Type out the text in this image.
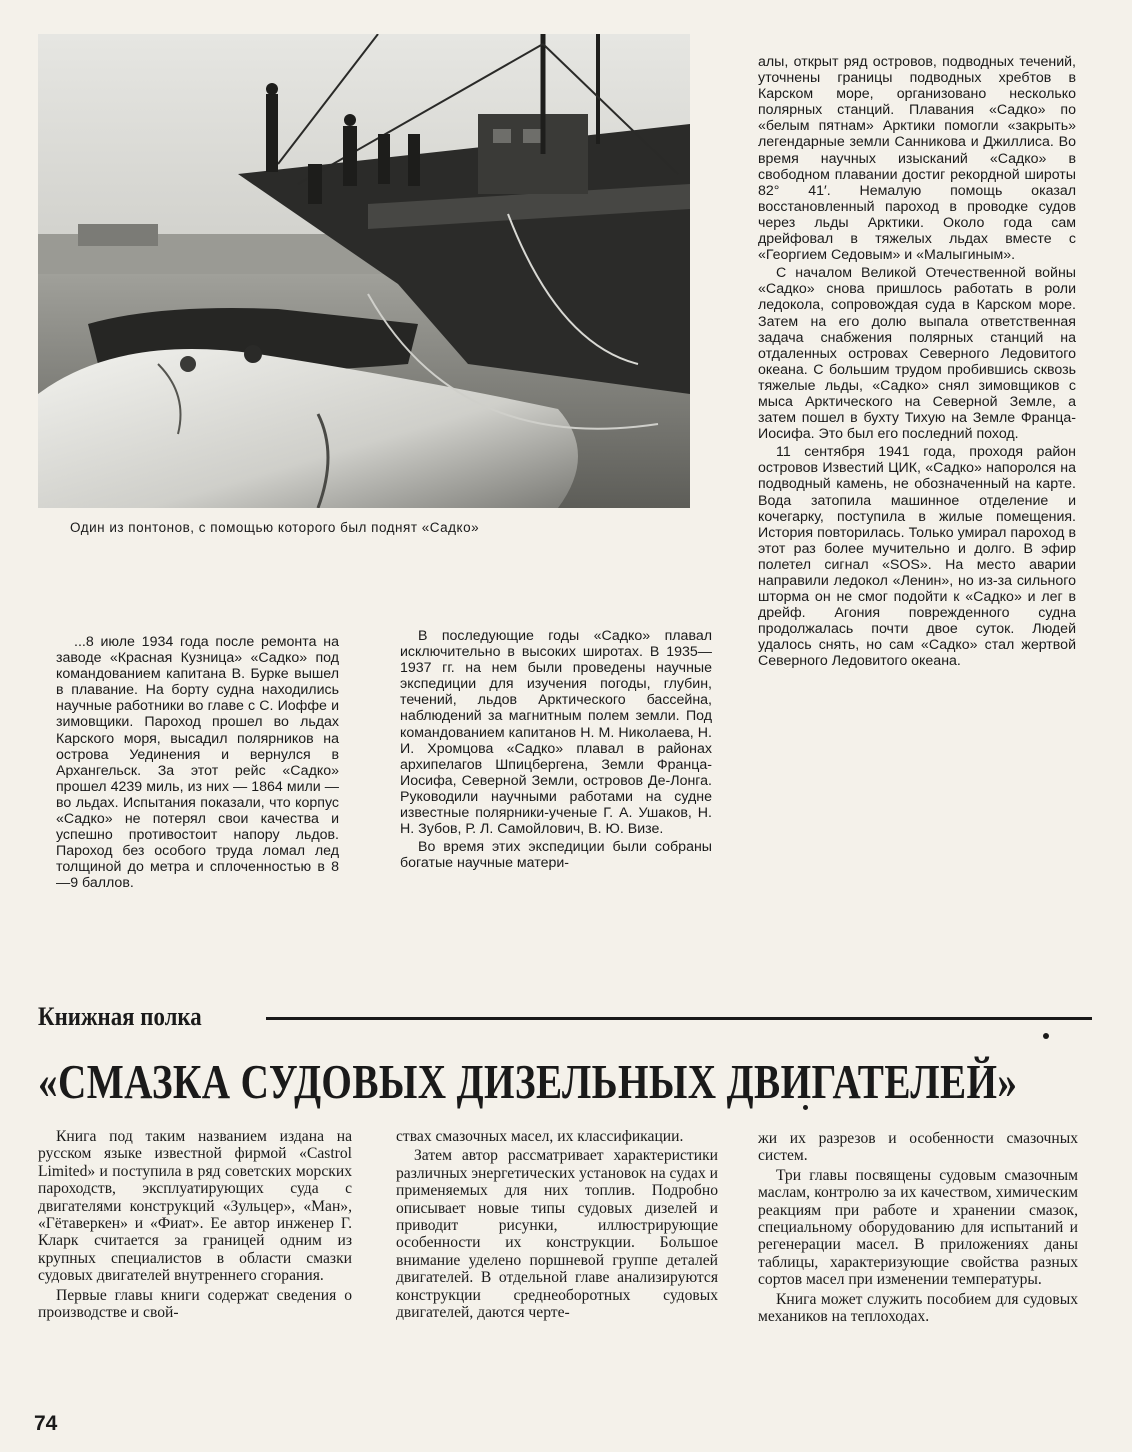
Один из понтонов, с помощью которого был поднят «Садко»

...8 июле 1934 года после ремонта на заводе «Красная Кузница» «Садко» под командованием капитана В. Бурке вышел в плавание. На борту судна находились научные работники во главе с С. Иоффе и зимовщики. Пароход прошел во льдах Карского моря, высадил полярников на острова Уединения и вернулся в Архангельск. За этот рейс «Садко» прошел 4239 миль, из них — 1864 мили — во льдах. Испытания показали, что корпус «Садко» не потерял свои качества и успешно противостоит напору льдов. Пароход без особого труда ломал лед толщиной до метра и сплоченностью в 8—9 баллов.

В последующие годы «Садко» плавал исключительно в высоких широтах. В 1935—1937 гг. на нем были проведены научные экспедиции для изучения погоды, глубин, течений, льдов Арктического бассейна, наблюдений за магнитным полем земли. Под командованием капитанов Н. М. Николаева, Н. И. Хромцова «Садко» плавал в районах архипелагов Шпицбергена, Земли Франца-Иосифа, Северной Земли, островов Де-Лонга. Руководили научными работами на судне известные полярники-ученые Г. А. Ушаков, Н. Н. Зубов, Р. Л. Самойлович, В. Ю. Визе.

Во время этих экспедиции были собраны богатые научные матери-

алы, открыт ряд островов, подводных течений, уточнены границы подводных хребтов в Карском море, организовано несколько полярных станций. Плавания «Садко» по «белым пятнам» Арктики помогли «закрыть» легендарные земли Санникова и Джиллиса. Во время научных изысканий «Садко» в свободном плавании достиг рекордной широты 82° 41′. Немалую помощь оказал восстановленный пароход в проводке судов через льды Арктики. Около года сам дрейфовал в тяжелых льдах вместе с «Георгием Седовым» и «Малыгиным».

С началом Великой Отечественной войны «Садко» снова пришлось работать в роли ледокола, сопровождая суда в Карском море. Затем на его долю выпала ответственная задача снабжения полярных станций на отдаленных островах Северного Ледовитого океана. С большим трудом пробившись сквозь тяжелые льды, «Садко» снял зимовщиков с мыса Арктического на Северной Земле, а затем пошел в бухту Тихую на Земле Франца-Иосифа. Это был его последний поход.

11 сентября 1941 года, проходя район островов Известий ЦИК, «Садко» напоролся на подводный камень, не обозначенный на карте. Вода затопила машинное отделение и кочегарку, поступила в жилые помещения. История повторилась. Только умирал пароход в этот раз более мучительно и долго. В эфир полетел сигнал «SOS». На место аварии направили ледокол «Ленин», но из-за сильного шторма он не смог подойти к «Садко» и лег в дрейф. Агония поврежденного судна продолжалась почти двое суток. Людей удалось снять, но сам «Садко» стал жертвой Северного Ледовитого океана.

Книжная полка
«СМАЗКА СУДОВЫХ ДИЗЕЛЬНЫХ ДВИГАТЕЛЕЙ»

Книга под таким названием издана на русском языке известной фирмой «Castrol Limited» и поступила в ряд советских морских пароходств, эксплуатирующих суда с двигателями конструкций «Зульцер», «Ман», «Гётаверкен» и «Фиат». Ее автор инженер Г. Кларк считается за границей одним из крупных специалистов в области смазки судовых двигателей внутреннего сгорания.

Первые главы книги содержат сведения о производстве и свой-

ствах смазочных масел, их классификации.

Затем автор рассматривает характеристики различных энергетических установок на судах и применяемых для них топлив. Подробно описывает новые типы судовых дизелей и приводит рисунки, иллюстрирующие особенности их конструкции. Большое внимание уделено поршневой группе деталей двигателей. В отдельной главе анализируются конструкции среднеоборотных судовых двигателей, даются черте-

жи их разрезов и особенности смазочных систем.

Три главы посвящены судовым смазочным маслам, контролю за их качеством, химическим реакциям при работе и хранении смазок, специальному оборудованию для испытаний и регенерации масел. В приложениях даны таблицы, характеризующие свойства разных сортов масел при изменении температуры.

Книга может служить пособием для судовых механиков на теплоходах.

74
